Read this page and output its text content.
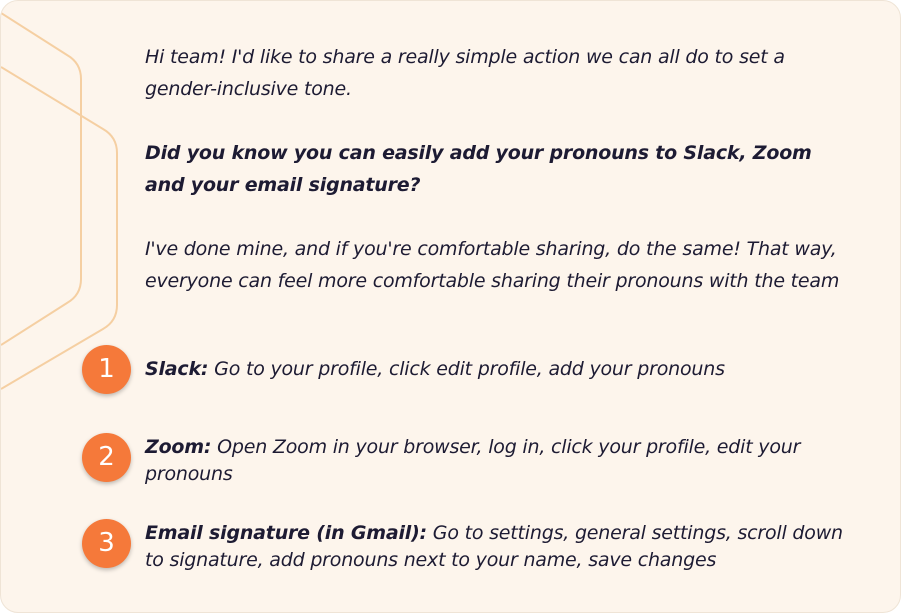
Hi team! I'd like to share a really simple action we can all do to set a gender-inclusive tone.
Did you know you can easily add your pronouns to Slack, Zoom and your email signature?
I've done mine, and if you're comfortable sharing, do the same! That way, everyone can feel more comfortable sharing their pronouns with the team
1	Slack: Go to your profile, click edit profile, add your pronouns
2	Zoom: Open Zoom in your browser, log in, click your profile, edit your pronouns
3	Email signature (in Gmail): Go to settings, general settings, scroll down to signature, add pronouns next to your name, save changes
